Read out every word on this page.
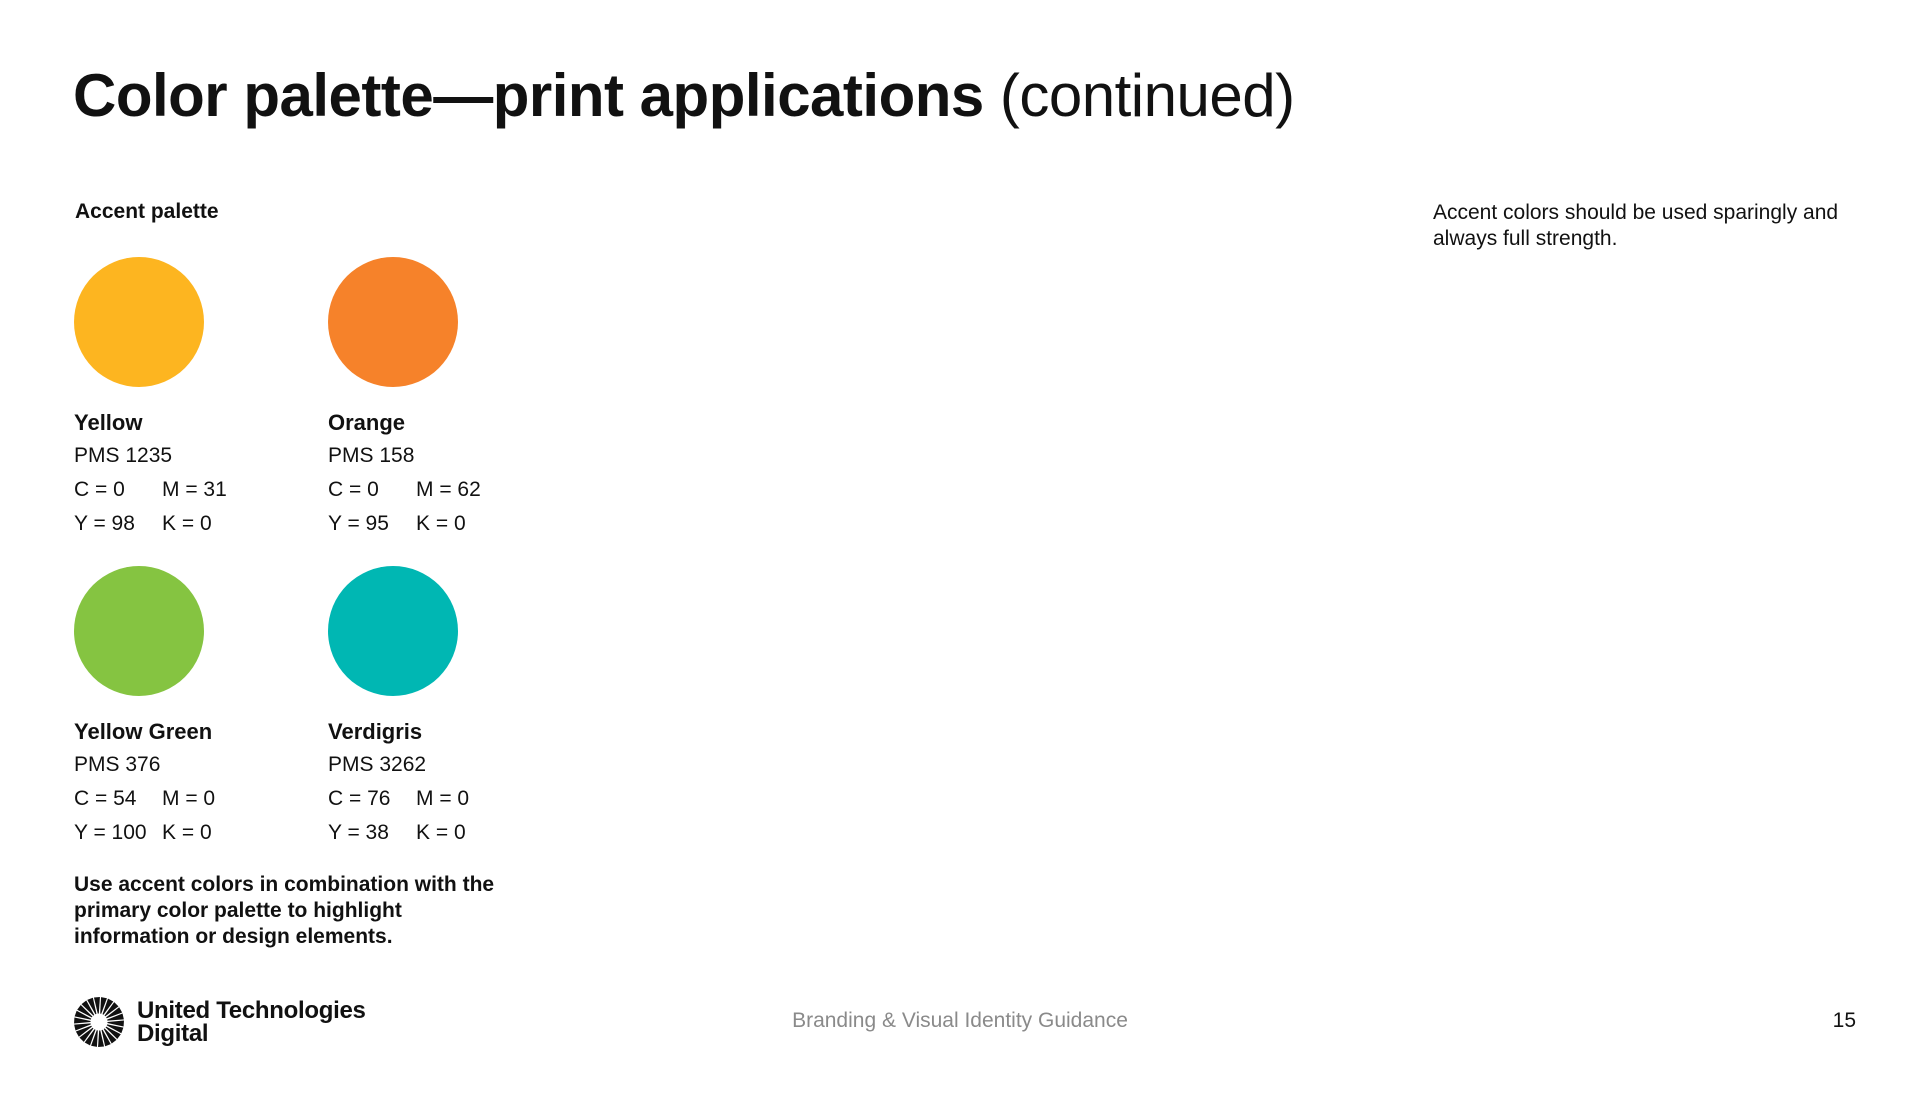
Color palette—print applications (continued)
Accent palette	Accent colors should be used sparingly and always full strength.
Yellow
PMS 1235
C = 0 M = 31
Y = 98 K = 0
Orange
PMS 158
C = 0 M = 62
Y = 95 K = 0
Yellow Green
PMS 376
C = 54 M = 0
Y = 100 K = 0
Verdigris
PMS 3262
C = 76 M = 0
Y = 38 K = 0
Use accent colors in combination with the primary color palette to highlight information or design elements.
United Technologies
Digital	Branding & Visual Identity Guidance	15
